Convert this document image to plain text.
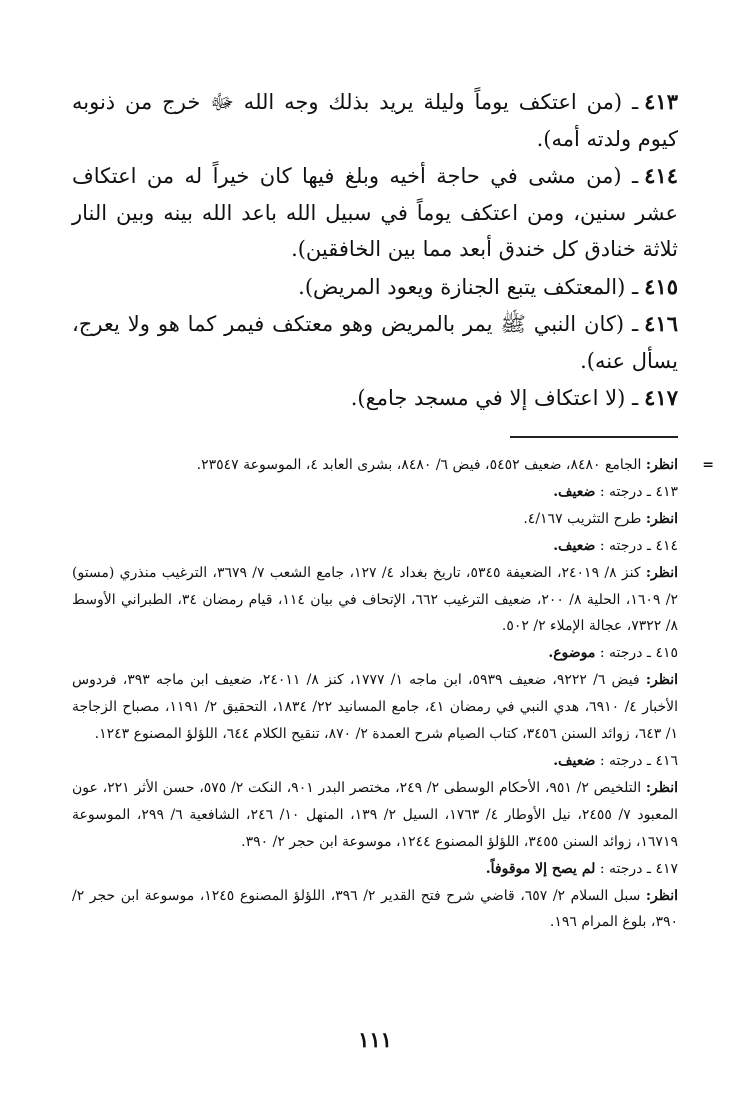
٤١٣ـ (من اعتكف يوماً وليلة يريد بذلك وجه الله ﷻ خرج من ذنوبه كيوم ولدته أمه).

٤١٤ـ (من مشى في حاجة أخيه وبلغ فيها كان خيراً له من اعتكاف عشر سنين، ومن اعتكف يوماً في سبيل الله باعد الله بينه وبين النار ثلاثة خنادق كل خندق أبعد مما بين الخافقين).

٤١٥ـ (المعتكف يتبع الجنازة ويعود المريض).

٤١٦ـ (كان النبي ﷺ يمر بالمريض وهو معتكف فيمر كما هو ولا يعرج، يسأل عنه).

٤١٧ـ (لا اعتكاف إلا في مسجد جامع).

=

انظر: الجامع ٨٤٨٠، ضعيف ٥٤٥٢، فيض ٦/ ٨٤٨٠، بشرى العابد ٤، الموسوعة ٢٣٥٤٧.

٤١٣ ـ درجته : ضعيف.

انظر: طرح التثريب ٤/١٦٧.

٤١٤ ـ درجته : ضعيف.

انظر: كنز ٨/ ٢٤٠١٩، الضعيفة ٥٣٤٥، تاريخ بغداد ٤/ ١٢٧، جامع الشعب ٧/ ٣٦٧٩، الترغيب منذري (مستو) ٢/ ١٦٠٩، الحلية ٨/ ٢٠٠، ضعيف الترغيب ٦٦٢، الإتحاف في بيان ١١٤، قيام رمضان ٣٤، الطبراني الأوسط ٨/ ٧٣٢٢، عجالة الإملاء ٢/ ٥٠٢.

٤١٥ ـ درجته : موضوع.

انظر: فيض ٦/ ٩٢٢٢، ضعيف ٥٩٣٩، ابن ماجه ١/ ١٧٧٧، كنز ٨/ ٢٤٠١١، ضعيف ابن ماجه ٣٩٣، فردوس الأخبار ٤/ ٦٩١٠، هدي النبي في رمضان ٤١، جامع المسانيد ٢٢/ ١٨٣٤، التحقيق ٢/ ١١٩١، مصباح الزجاجة ١/ ٦٤٣، زوائد السنن ٣٤٥٦، كتاب الصيام شرح العمدة ٢/ ٨٧٠، تنقيح الكلام ٦٤٤، اللؤلؤ المصنوع ١٢٤٣.

٤١٦ ـ درجته : ضعيف.

انظر: التلخيص ٢/ ٩٥١، الأحكام الوسطى ٢/ ٢٤٩، مختصر البدر ٩٠١، النكت ٢/ ٥٧٥، حسن الأثر ٢٢١، عون المعبود ٧/ ٢٤٥٥، نيل الأوطار ٤/ ١٧٦٣، السيل ٢/ ١٣٩، المنهل ١٠/ ٢٤٦، الشافعية ٦/ ٢٩٩، الموسوعة ١٦٧١٩، زوائد السنن ٣٤٥٥، اللؤلؤ المصنوع ١٢٤٤، موسوعة ابن حجر ٢/ ٣٩٠.

٤١٧ ـ درجته : لم يصح إلا موقوفاً.

انظر: سبل السلام ٢/ ٦٥٧، قاضي شرح فتح القدير ٢/ ٣٩٦، اللؤلؤ المصنوع ١٢٤٥، موسوعة ابن حجر ٢/ ٣٩٠، بلوغ المرام ١٩٦.

١١١
